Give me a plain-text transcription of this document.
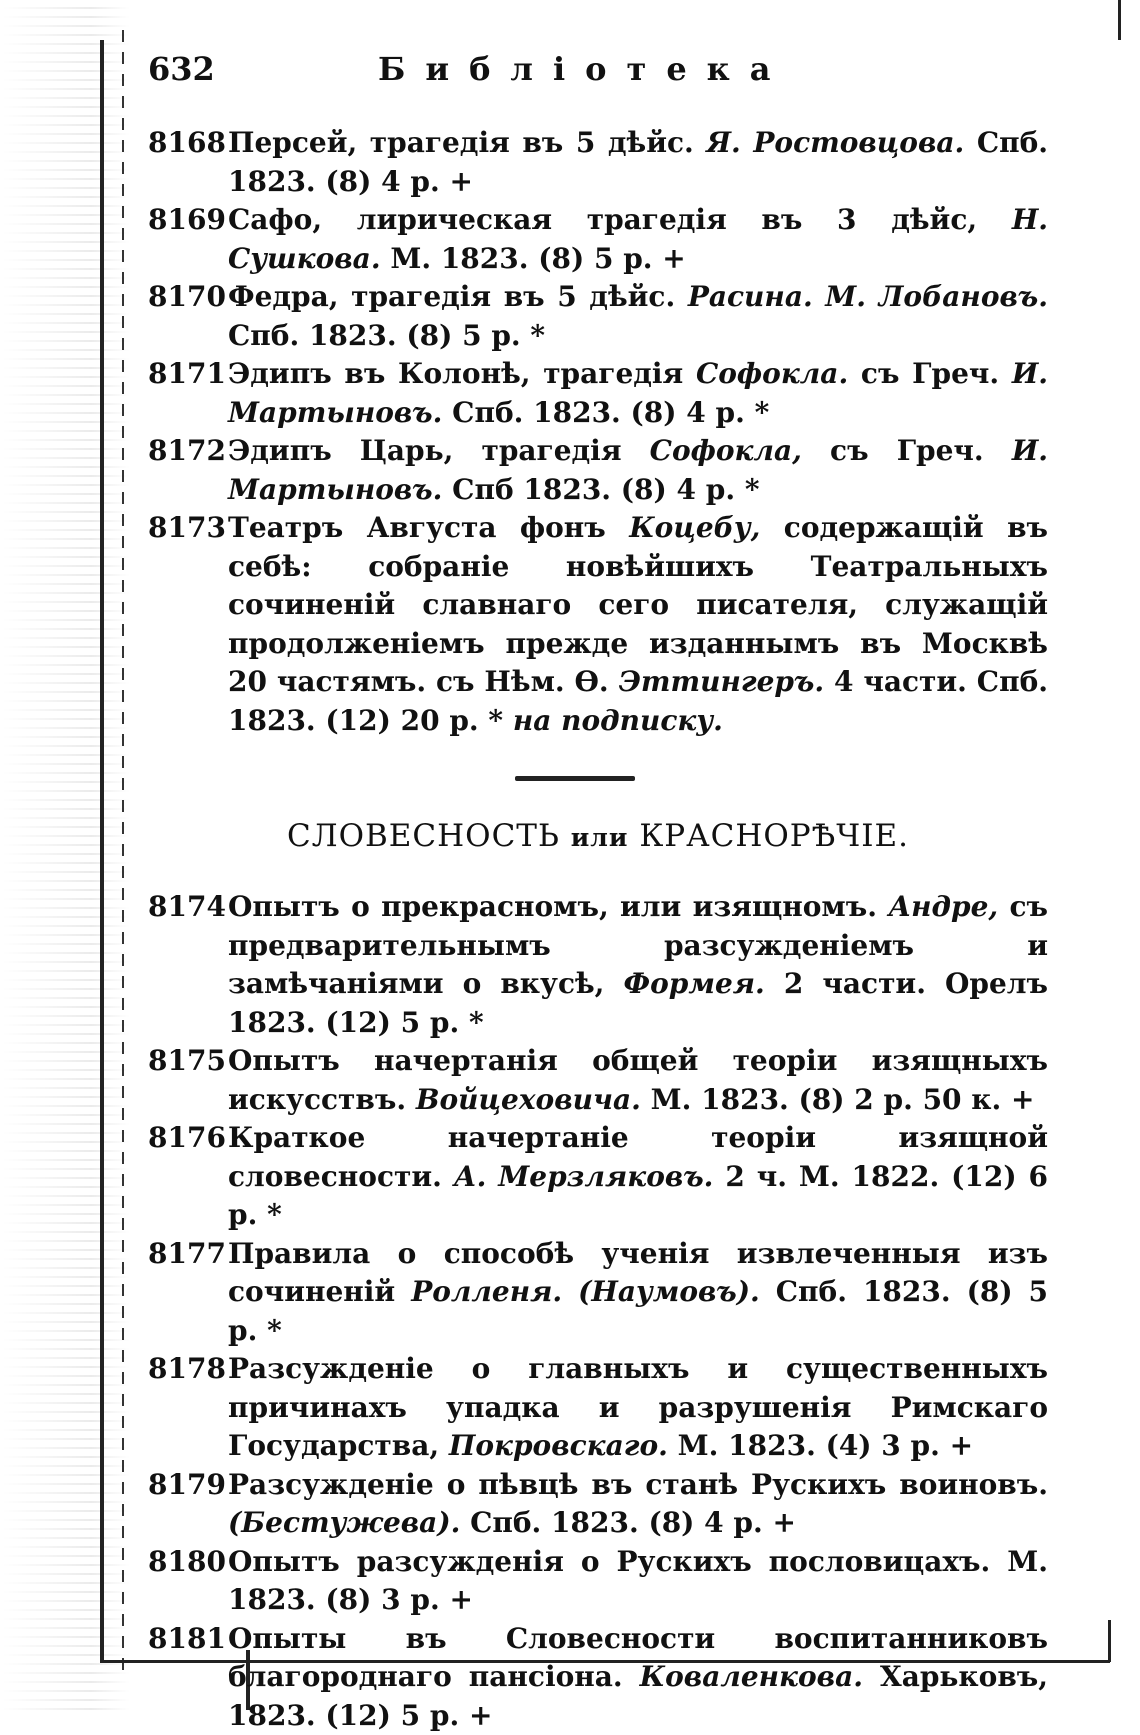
632	Библіотека

8168 Персей, трагедія въ 5 дѣйс. Я. Ростовцова. Спб. 1823. (8) 4 р. +

8169 Сафо, лирическая трагедія въ 3 дѣйс, Н. Сушкова. М. 1823. (8) 5 р. +

8170 Федра, трагедія въ 5 дѣйс. Расина. М. Лобановъ. Спб. 1823. (8) 5 р. *

8171 Эдипъ въ Колонѣ, трагедія Софокла. съ Греч. И. Мартыновъ. Спб. 1823. (8) 4 р. *

8172 Эдипъ Царь, трагедія Софокла, съ Греч. И. Мартыновъ. Спб 1823. (8) 4 р. *

8173 Театръ Августа фонъ Коцебу, содержащій въ себѣ: собраніе новѣйшихъ Театральныхъ сочиненій славнаго сего писателя, служащій продолженіемъ прежде изданнымъ въ Москвѣ 20 частямъ. съ Нѣм. Ѳ. Эттингеръ. 4 части. Спб. 1823. (12) 20 р. * на подписку.

СЛОВЕСНОСТЬ или КРАСНОРѢЧІЕ.

8174 Опытъ о прекрасномъ, или изящномъ. Андре, съ предварительнымъ разсужденіемъ и замѣчаніями о вкусѣ, Формея. 2 части. Орелъ 1823. (12) 5 р. *

8175 Опытъ начертанія общей теоріи изящныхъ искусствъ. Войцеховича. М. 1823. (8) 2 р. 50 к. +

8176 Краткое начертаніе теоріи изящной словесности. А. Мерзляковъ. 2 ч. М. 1822. (12) 6 р. *

8177 Правила о способѣ ученія извлеченныя изъ сочиненій Ролленя. (Наумовъ). Спб. 1823. (8) 5 р. *

8178 Разсужденіе о главныхъ и существенныхъ причинахъ упадка и разрушенія Римскаго Государства, Покровскаго. М. 1823. (4) 3 р. +

8179 Разсужденіе о пѣвцѣ въ станѣ Рускихъ воиновъ. (Бестужева). Спб. 1823. (8) 4 р. +

8180 Опытъ разсужденія о Рускихъ пословицахъ. М. 1823. (8) 3 р. +

8181 Опыты въ Словесности воспитанниковъ благороднаго пансіона. Коваленкова. Харьковъ, 1823. (12) 5 р. +
